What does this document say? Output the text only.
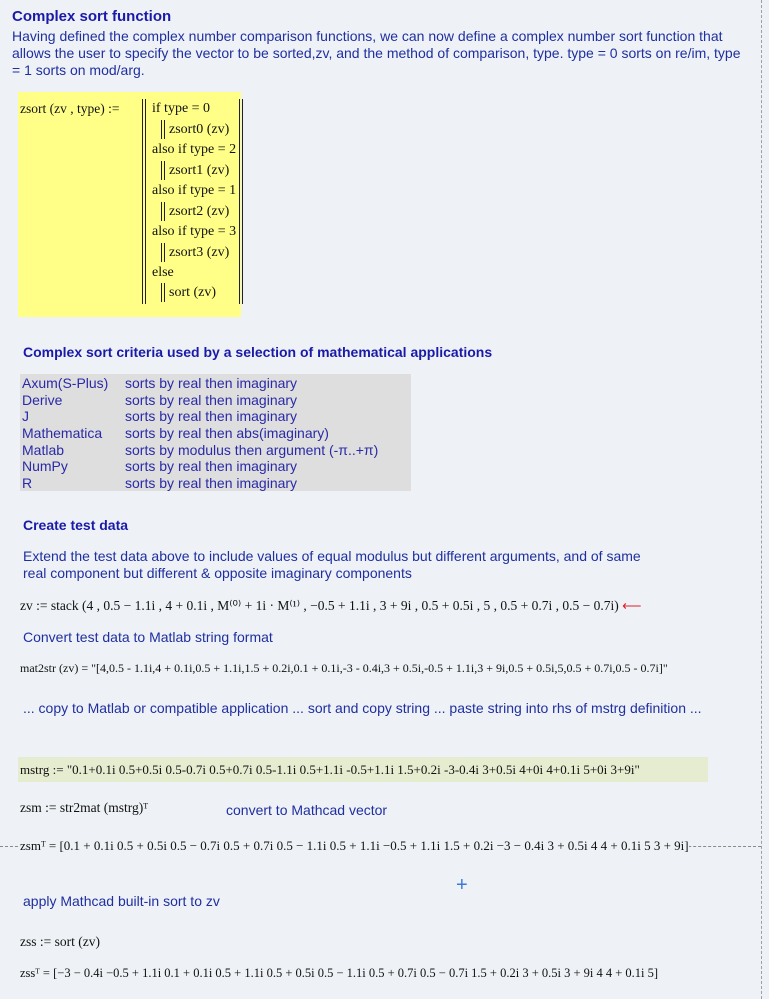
Complex sort function
Having defined the complex number comparison functions, we can now define a complex number sort function that allows the user to specify the vector to be sorted,zv, and the method of comparison, type. type = 0 sorts on re/im, type = 1 sorts on mod/arg.
zsort (zv , type) := if type = 0
zsort0 (zv)
also if type = 2
zsort1 (zv)
also if type = 1
zsort2 (zv)
also if type = 3
zsort3 (zv)
else
sort (zv)
Complex sort criteria used by a selection of mathematical applications
Axum(S-Plus) sorts by real then imaginary
Derive	sorts by real then imaginary
J	sorts by real then imaginary
Mathematica sorts by real then abs(imaginary)
Matlab	sorts by modulus then argument (-π..+π)
NumPy	sorts by real then imaginary
R	sorts by real then imaginary
Create test data
Extend the test data above to include values of equal modulus but different arguments, and of same real component but different & opposite imaginary components
zv := stack (4 , 0.5 − 1.1i , 4 + 0.1i , M⁽⁰⁾ + 1i · M⁽¹⁾ , −0.5 + 1.1i , 3 + 9i , 0.5 + 0.5i , 5 , 0.5 + 0.7i , 0.5 − 0.7i) ⟵
Convert test data to Matlab string format
mat2str (zv) = "[4,0.5 - 1.1i,4 + 0.1i,0.5 + 1.1i,1.5 + 0.2i,0.1 + 0.1i,-3 - 0.4i,3 + 0.5i,-0.5 + 1.1i,3 + 9i,0.5 + 0.5i,5,0.5 + 0.7i,0.5 - 0.7i]"
... copy to Matlab or compatible application ... sort and copy string ... paste string into rhs of mstrg definition ...
mstrg := "0.1+0.1i 0.5+0.5i 0.5-0.7i 0.5+0.7i 0.5-1.1i 0.5+1.1i -0.5+1.1i 1.5+0.2i -3-0.4i 3+0.5i 4+0i 4+0.1i 5+0i 3+9i"
zsm := str2mat (mstrg)ᵀ	convert to Mathcad vector
zsmᵀ = [0.1 + 0.1i 0.5 + 0.5i 0.5 − 0.7i 0.5 + 0.7i 0.5 − 1.1i 0.5 + 1.1i −0.5 + 1.1i 1.5 + 0.2i −3 − 0.4i 3 + 0.5i 4 4 + 0.1i 5 3 + 9i]
+
apply Mathcad built-in sort to zv
zss := sort (zv)
zssᵀ = [−3 − 0.4i −0.5 + 1.1i 0.1 + 0.1i 0.5 + 1.1i 0.5 + 0.5i 0.5 − 1.1i 0.5 + 0.7i 0.5 − 0.7i 1.5 + 0.2i 3 + 0.5i 3 + 9i 4 4 + 0.1i 5]
